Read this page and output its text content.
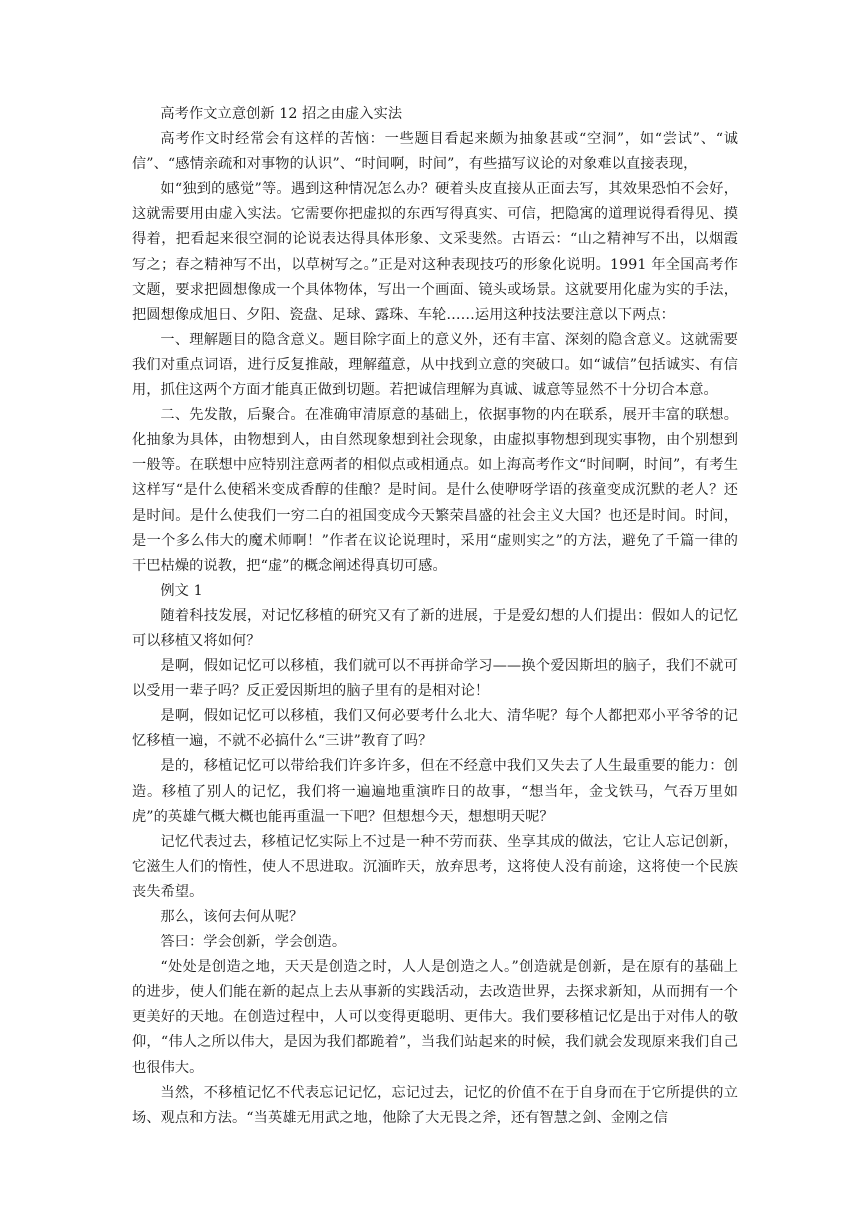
高考作文立意创新 12 招之由虚入实法

高考作文时经常会有这样的苦恼：一些题目看起来颇为抽象甚或“空洞”，如“尝试”、“诚信”、“感情亲疏和对事物的认识”、“时间啊，时间”，有些描写议论的对象难以直接表现，

如“独到的感觉”等。遇到这种情况怎么办？硬着头皮直接从正面去写，其效果恐怕不会好，这就需要用由虚入实法。它需要你把虚拟的东西写得真实、可信，把隐寓的道理说得看得见、摸得着，把看起来很空洞的论说表达得具体形象、文采斐然。古语云：“山之精神写不出，以烟霞写之；春之精神写不出，以草树写之。”正是对这种表现技巧的形象化说明。1991 年全国高考作文题，要求把圆想像成一个具体物体，写出一个画面、镜头或场景。这就要用化虚为实的手法，把圆想像成旭日、夕阳、瓷盘、足球、露珠、车轮……运用这种技法要注意以下两点：

一、理解题目的隐含意义。题目除字面上的意义外，还有丰富、深刻的隐含意义。这就需要我们对重点词语，进行反复推敲，理解蕴意，从中找到立意的突破口。如“诚信”包括诚实、有信用，抓住这两个方面才能真正做到切题。若把诚信理解为真诚、诚意等显然不十分切合本意。

二、先发散，后聚合。在准确审清原意的基础上，依据事物的内在联系，展开丰富的联想。化抽象为具体，由物想到人，由自然现象想到社会现象，由虚拟事物想到现实事物，由个别想到一般等。在联想中应特别注意两者的相似点或相通点。如上海高考作文“时间啊，时间”，有考生这样写“是什么使稻米变成香醇的佳酿？是时间。是什么使咿呀学语的孩童变成沉默的老人？还是时间。是什么使我们一穷二白的祖国变成今天繁荣昌盛的社会主义大国？也还是时间。时间，是一个多么伟大的魔术师啊！”作者在议论说理时，采用“虚则实之”的方法，避免了千篇一律的干巴枯燥的说教，把“虚”的概念阐述得真切可感。

例文 1

随着科技发展，对记忆移植的研究又有了新的进展，于是爱幻想的人们提出：假如人的记忆可以移植又将如何？

是啊，假如记忆可以移植，我们就可以不再拼命学习——换个爱因斯坦的脑子，我们不就可以受用一辈子吗？反正爱因斯坦的脑子里有的是相对论！

是啊，假如记忆可以移植，我们又何必要考什么北大、清华呢？每个人都把邓小平爷爷的记忆移植一遍，不就不必搞什么“三讲”教育了吗？

是的，移植记忆可以带给我们许多许多，但在不经意中我们又失去了人生最重要的能力：创造。移植了别人的记忆，我们将一遍遍地重演昨日的故事，“想当年，金戈铁马，气吞万里如虎”的英雄气概大概也能再重温一下吧？但想想今天，想想明天呢？

记忆代表过去，移植记忆实际上不过是一种不劳而获、坐享其成的做法，它让人忘记创新，它滋生人们的惰性，使人不思进取。沉湎昨天，放弃思考，这将使人没有前途，这将使一个民族丧失希望。

那么，该何去何从呢？

答曰：学会创新，学会创造。

“处处是创造之地，天天是创造之时，人人是创造之人。”创造就是创新，是在原有的基础上的进步，使人们能在新的起点上去从事新的实践活动，去改造世界，去探求新知，从而拥有一个更美好的天地。在创造过程中，人可以变得更聪明、更伟大。我们要移植记忆是出于对伟人的敬仰，“伟人之所以伟大，是因为我们都跪着”，当我们站起来的时候，我们就会发现原来我们自己也很伟大。

当然，不移植记忆不代表忘记记忆，忘记过去，记忆的价值不在于自身而在于它所提供的立场、观点和方法。“当英雄无用武之地，他除了大无畏之斧，还有智慧之剑、金刚之信
